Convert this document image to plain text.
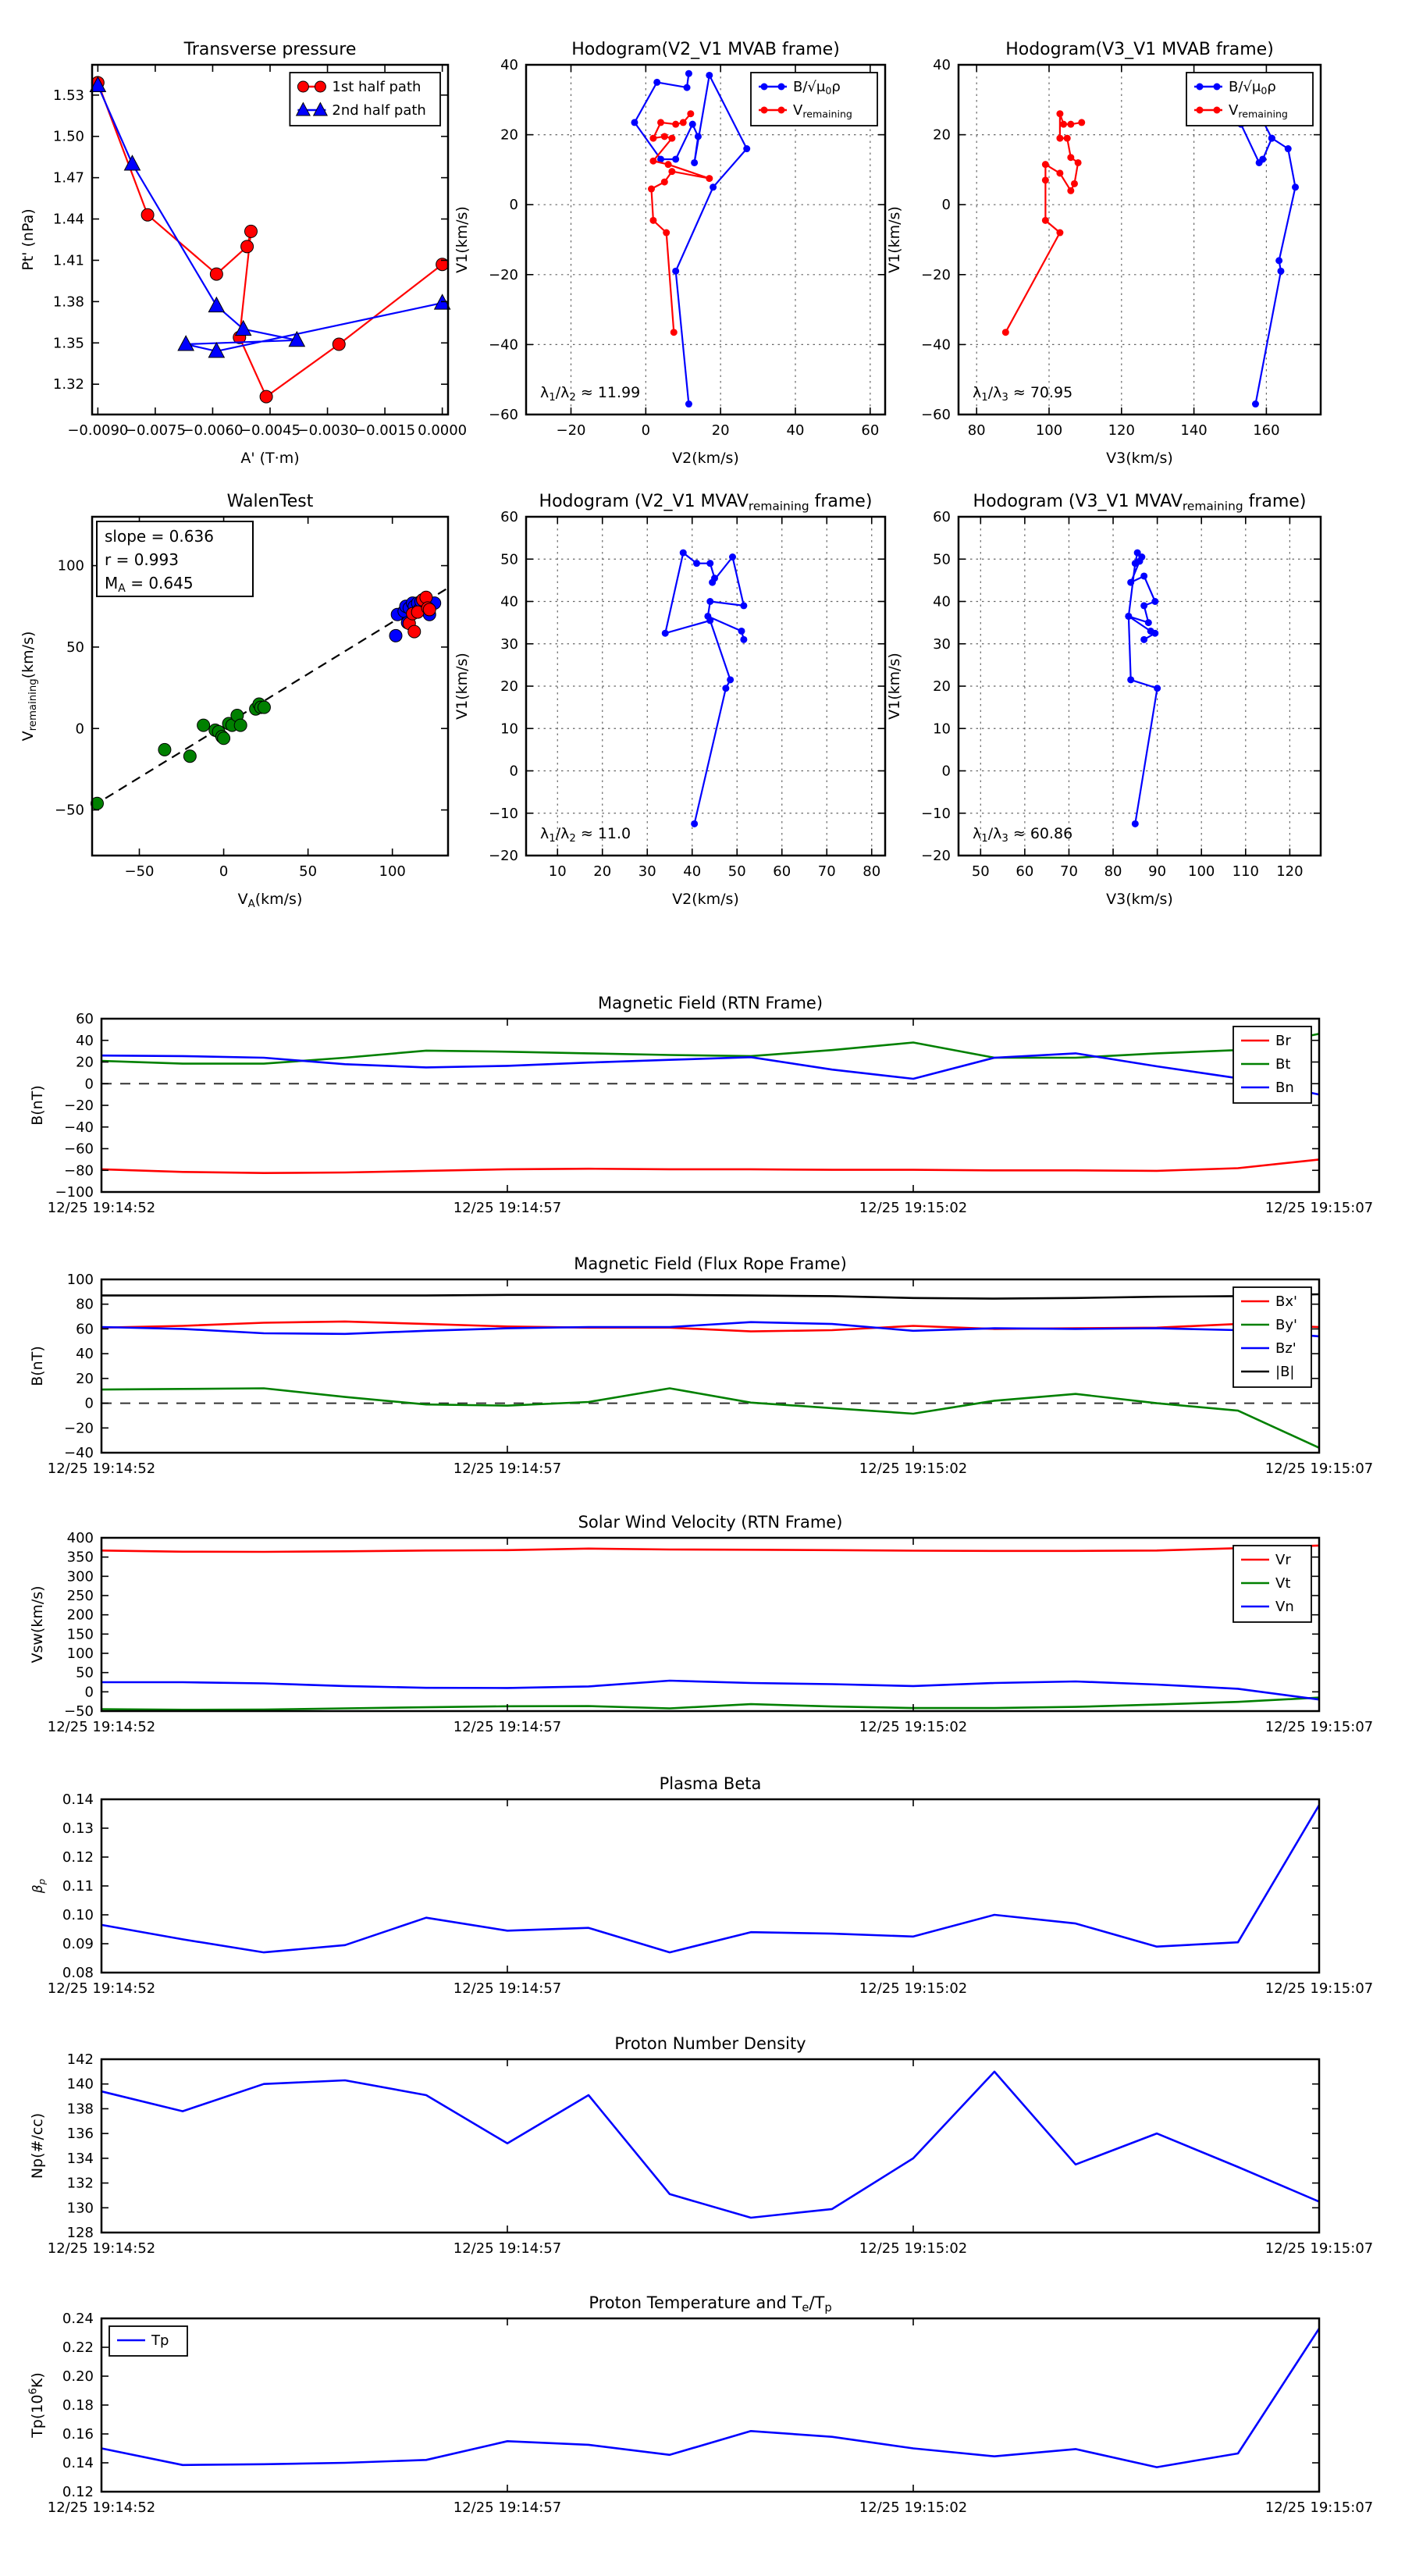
−0.0090
−0.0075
−0.0060
−0.0045
−0.0030
−0.0015 0.0000
1.32
1.35
1.38
1.41
1.44
1.47
1.50
1.53
Transverse pressure
A' (T·m)
Pt' (nPa)
1st half path
2nd half path
−20	0	20	40	60
−60
−40
−20
0
20
40
Hodogram(V2_V1 MVAB frame)
V2(km/s)
V1(km/s)
$B/√\mu_0\rho$
$V_{remaining}$
$\lambda_1/\lambda_2 \approx 11.99$
80	100	120	140	160
−60
−40
−20
0
20
40
Hodogram(V3_V1 MVAB frame)
V3(km/s)
V1(km/s)
$B/√\mu_0\rho$
$V_{remaining}$
$\lambda_1/\lambda_3 \approx 70.95$
−50	0	50	100
−50
0
50
100
WalenTest
$V_A(km/s)$
$V_{remaining}(km/s)$
slope = 0.636
r = 0.993
$M_A = 0.645$
10 20 30 40 50 60 70 80
−20
−10
0
10
20
30
40
50
60
Hodogram (V2_V1 $MVAV_{remaining}$ frame)
V2(km/s)
V1(km/s)
$\lambda_1/\lambda_2 \approx 11.0$
50 60 70 80 90 100 110 120
−20
−10
0
10
20
30
40
50
60
Hodogram (V3_V1 $MVAV_{remaining}$ frame)
V3(km/s)
V1(km/s)
$\lambda_1/\lambda_3 \approx 60.86$
12/25 19:14:52	12/25 19:14:57	12/25 19:15:02	12/25 19:15:07
−100
−80
−60
−40
−20
0
20
40
60
Magnetic Field (RTN Frame)
B(nT)
Br
Bt
Bn
12/25 19:14:52	12/25 19:14:57	12/25 19:15:02	12/25 19:15:07
−40
−20
0
20
40
60
80
100
Magnetic Field (Flux Rope Frame)
B(nT)
Bx'
By'
Bz'
|B|
12/25 19:14:52	12/25 19:14:57	12/25 19:15:02	12/25 19:15:07
−50
0
50
100
150
200
250
300
350
400
Solar Wind Velocity (RTN Frame)
Vsw(km/s)
Vr
Vt
Vn
12/25 19:14:52	12/25 19:14:57	12/25 19:15:02	12/25 19:15:07
0.08
0.09
0.10
0.11
0.12
0.13
0.14
Plasma Beta
$\beta_p$
12/25 19:14:52	12/25 19:14:57	12/25 19:15:02	12/25 19:15:07
128
130
132
134
136
138
140
142
Proton Number Density
Np(#/cc)
12/25 19:14:52	12/25 19:14:57	12/25 19:15:02	12/25 19:15:07
0.12
0.14
0.16
0.18
0.20
0.22
0.24
Proton Temperature and $T_e/T_p$
$Tp(10^6K)$
Tp
